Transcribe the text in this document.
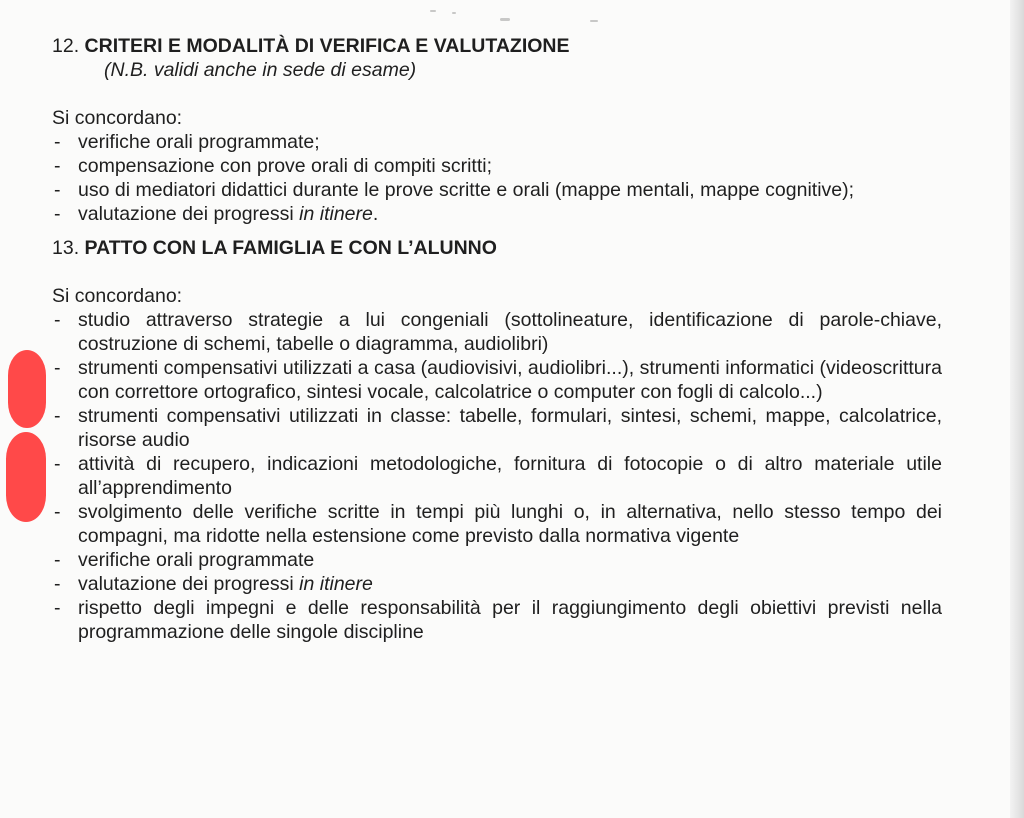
12. CRITERI E MODALITÀ DI VERIFICA E VALUTAZIONE

(N.B. validi anche in sede di esame)

Si concordano:

- verifiche orali programmate;
- compensazione con prove orali di compiti scritti;
- uso di mediatori didattici durante le prove scritte e orali (mappe mentali, mappe cognitive);
- valutazione dei progressi in itinere.
13. PATTO CON LA FAMIGLIA E CON L’ALUNNO

Si concordano:

- studio attraverso strategie a lui congeniali (sottolineature, identificazione di parole-chiave, costruzione di schemi, tabelle o diagramma, audiolibri)
- strumenti compensativi utilizzati a casa (audiovisivi, audiolibri...), strumenti informatici (videoscrittura con correttore ortografico, sintesi vocale, calcolatrice o computer con fogli di calcolo...)
- strumenti compensativi utilizzati in classe: tabelle, formulari, sintesi, schemi, mappe, calcolatrice, risorse audio
- attività di recupero, indicazioni metodologiche, fornitura di fotocopie o di altro materiale utile all’apprendimento
- svolgimento delle verifiche scritte in tempi più lunghi o, in alternativa, nello stesso tempo dei compagni, ma ridotte nella estensione come previsto dalla normativa vigente
- verifiche orali programmate
- valutazione dei progressi in itinere
- rispetto degli impegni e delle responsabilità per il raggiungimento degli obiettivi previsti nella programmazione delle singole discipline
